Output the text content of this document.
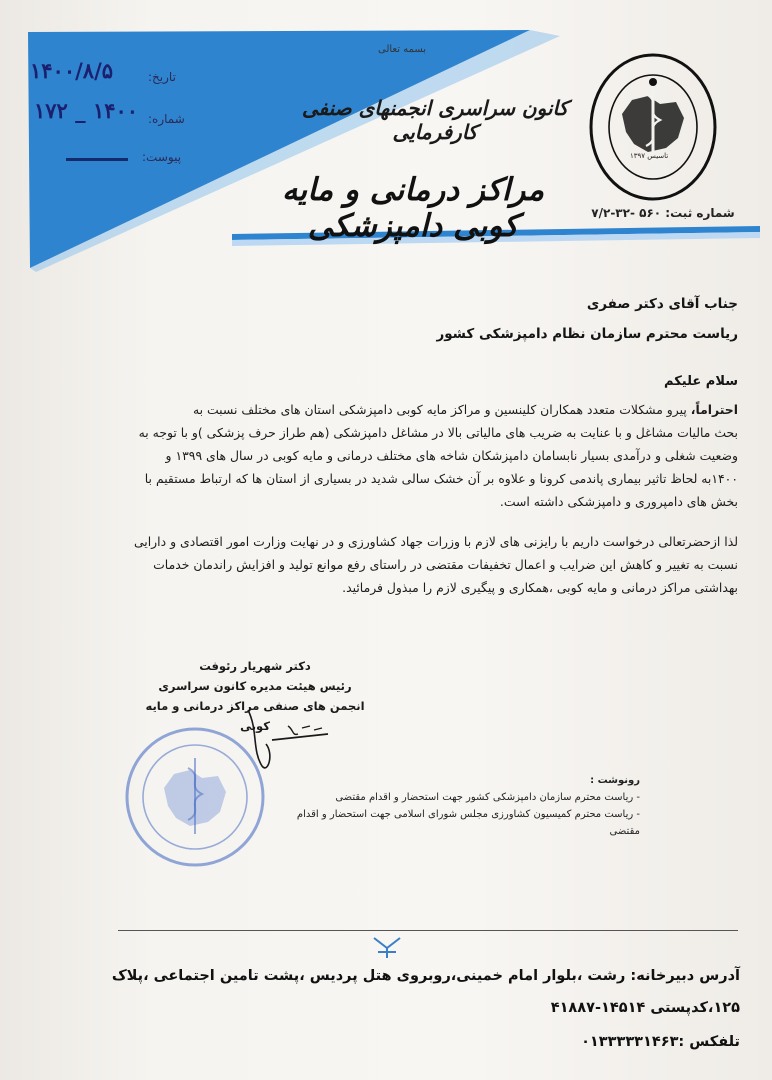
تاریخ:
۱۴۰۰/۸/۵
شماره:
۱۴۰۰ _ ۱۷۲
پیوست:
بسمه تعالی
کانون سراسری انجمنهای صنفی کارفرمایی
مراکز درمانی و مایه کوبی دامپزشکی	شماره ثبت: ۵۶۰ -۳۲-۷/۲
تاسیس ۱۳۹۷
جناب آقای دکتر صفری
ریاست محترم سازمان نظام دامپزشکی کشور
سلام علیکم
احتراماً، پیرو مشکلات متعدد همکاران کلینسین و مراکز مایه کوبی دامپزشکی استان های مختلف نسبت به
بحث مالیات مشاغل و با عنایت به ضریب های مالیاتی بالا در مشاغل دامپزشکی (هم طراز حرف پزشکی )و با توجه به
وضعیت شغلی و درآمدی بسیار نابسامان دامپزشکان شاخه های مختلف درمانی و مایه کوبی در سال های ۱۳۹۹ و
۱۴۰۰به لحاظ تاثیر بیماری پاندمی کرونا و علاوه بر آن خشک سالی شدید در بسیاری از استان ها که ارتباط مستقیم با
بخش های دامپروری و دامپزشکی داشته است.
لذا ازحضرتعالی درخواست داریم با رایزنی های لازم با وزرات جهاد کشاورزی و در نهایت وزارت امور اقتصادی و دارایی
نسبت به تغییر و کاهش این ضرایب و اعمال تخفیفات مقتضی در راستای رفع موانع تولید و افزایش راندمان خدمات
بهداشتی مراکز درمانی و مایه کوبی ،همکاری و پیگیری لازم را مبذول فرمائید.
دکتر شهریار رئوفت
رئیس هیئت مدیره کانون سراسری
انجمن های صنفی مراکز درمانی و مایه کوبی
رونوشت :
- ریاست محترم سازمان دامپزشکی کشور جهت استحضار و اقدام مقتضی
- ریاست محترم کمیسیون کشاورزی مجلس شورای اسلامی جهت استحضار و اقدام مقتضی
آدرس دبیرخانه: رشت ،بلوار امام خمینی،روبروی هتل پردیس ،پشت تامین اجتماعی ،پلاک
۱۲۵،کدپستی ۱۴۵۱۴-۴۱۸۸۷
تلفکس :۰۱۳۳۳۳۳۱۴۶۳
